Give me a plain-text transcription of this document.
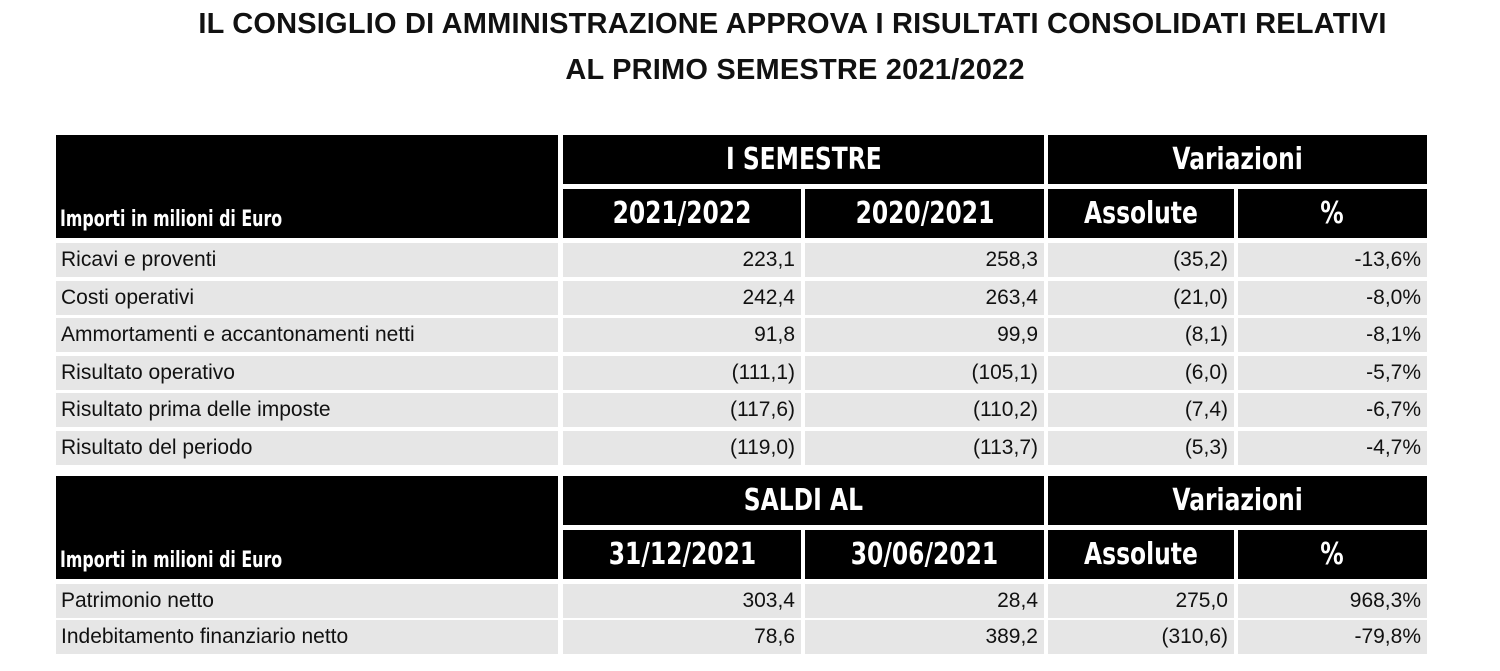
IL CONSIGLIO DI AMMINISTRAZIONE APPROVA I RISULTATI CONSOLIDATI RELATIVI
AL PRIMO SEMESTRE 2021/2022
Importi in milioni di Euro
I SEMESTRE	Variazioni
2021/2022	2020/2021	Assolute	%
Ricavi e proventi	223,1	258,3	(35,2)	-13,6%
Costi operativi	242,4	263,4	(21,0)	-8,0%
Ammortamenti e accantonamenti netti	91,8	99,9	(8,1)	-8,1%
Risultato operativo	(111,1)	(105,1)	(6,0)	-5,7%
Risultato prima delle imposte	(117,6)	(110,2)	(7,4)	-6,7%
Risultato del periodo	(119,0)	(113,7)	(5,3)	-4,7%
Importi in milioni di Euro
SALDI AL	Variazioni
31/12/2021	30/06/2021	Assolute	%
Patrimonio netto	303,4	28,4	275,0	968,3%
Indebitamento finanziario netto	78,6	389,2	(310,6)	-79,8%
